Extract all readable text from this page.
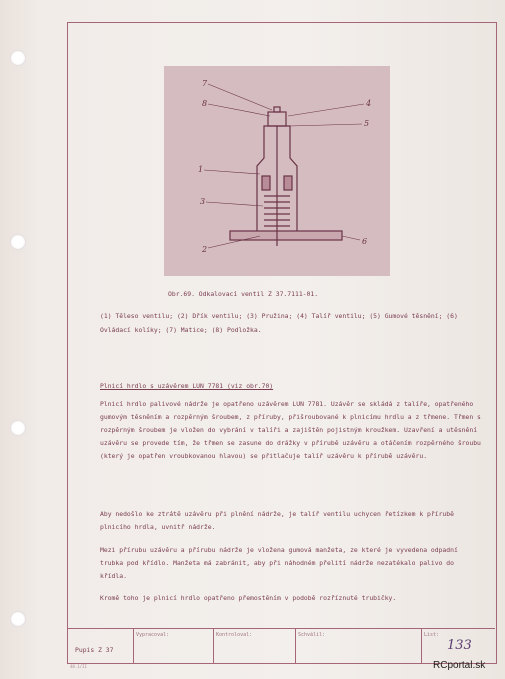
7
8	4
5
1
3
2
6
Obr.69. Odkalovací ventil Z 37.7111-01.
(1) Těleso ventilu; (2) Dřík ventilu; (3) Pružina; (4) Talíř ventilu; (5) Gumové těsnění; (6) Ovládací kolíky; (7) Matice; (8) Podložka.
Plnicí hrdlo s uzávěrem LUN 7781 (viz obr.70)
Plnicí hrdlo palivové nádrže je opatřeno uzávěrem LUN 7781. Uzávěr se skládá z talíře, opatřeného gumovým těsněním a rozpěrným šroubem, z příruby, přišroubované k plnicímu hrdlu a z třmene. Třmen s rozpěrným šroubem je vložen do vybrání v talíři a zajištěn pojistným kroužkem. Uzavření a utěsnění uzávěru se provede tím, že třmen se zasune do drážky v přírubě uzávěru a otáčením rozpěrného šroubu (který je opatřen vroubkovanou hlavou) se přitlačuje talíř uzávěru k přírubě uzávěru.
Aby nedošlo ke ztrátě uzávěru při plnění nádrže, je talíř ventilu uchycen řetízkem k přírubě plnicího hrdla, uvnitř nádrže.
Mezi přírubu uzávěru a přírubu nádrže je vložena gumová manžeta, ze které je vyvedena odpadní trubka pod křídlo. Manžeta má zabránit, aby při náhodném přelití nádrže nezatékalo palivo do křídla.
Kromě toho je plnicí hrdlo opatřeno přemostěním v podobě rozříznuté trubičky.
Pupis Z 37
Vypracoval:	Kontroloval:	Schválil:	List:
133
48.1/II	RCportal.sk
